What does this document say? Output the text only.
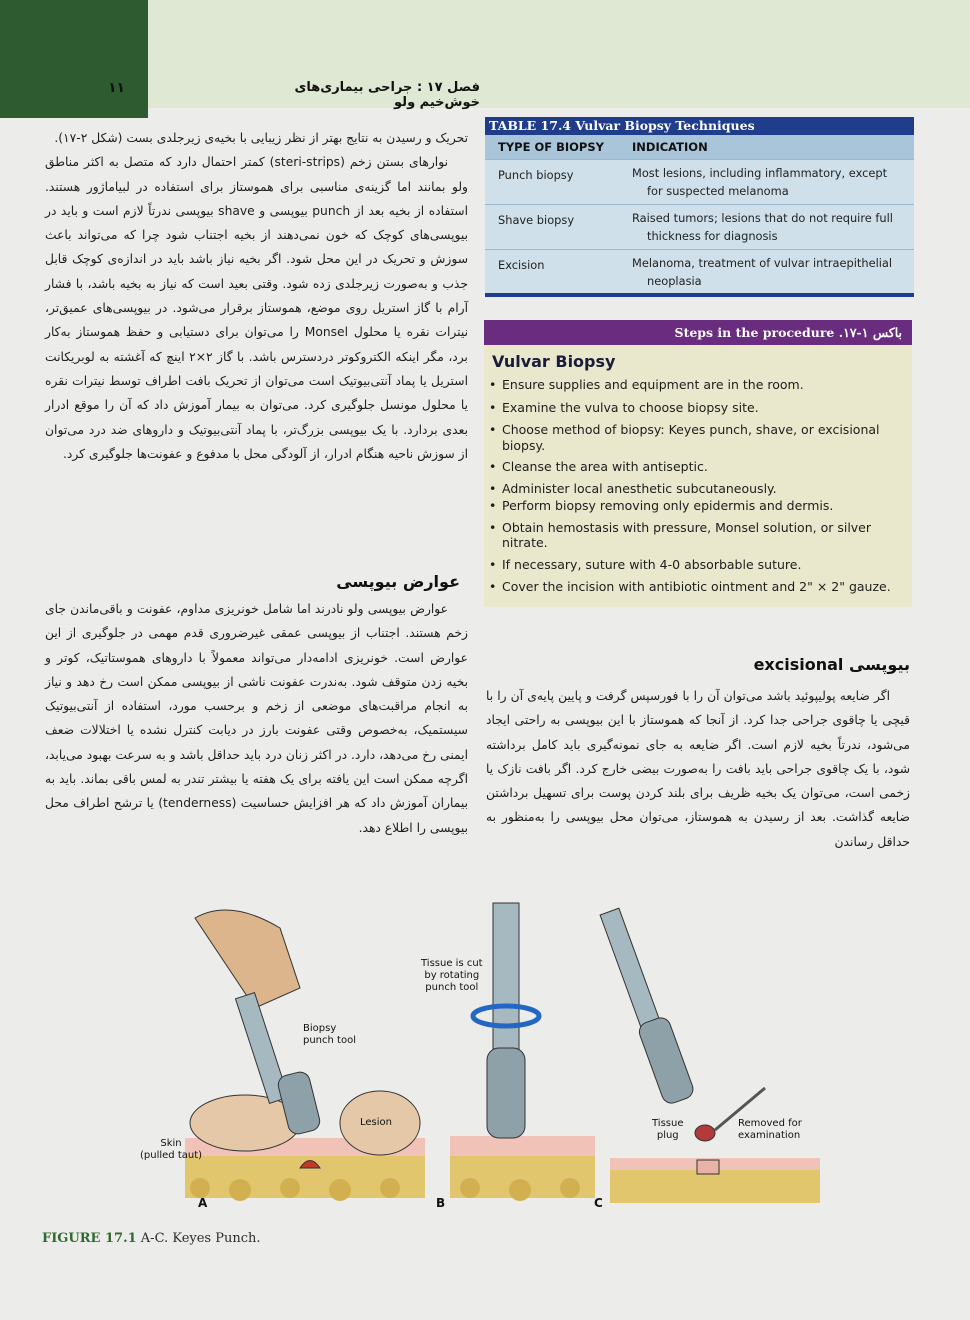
۱۱	فصل ۱۷ : جراحی بیماری‌های خوش‌خیم ولو

تحریک و رسیدن به نتایج بهتر از نظر زیبایی با بخیه‌ی زیرجلدی بست (شکل ۲-۱۷).

نوارهای بستن زخم (steri-strips) کمتر احتمال دارد که متصل به اکثر مناطق ولو بمانند اما گزینه‌ی مناسبی برای هموستاز برای استفاده در لبیاماژور هستند. استفاده از بخیه بعد از punch بیوپسی و shave بیوپسی ندرتاً لازم است و باید در بیوپسی‌های کوچک که خون نمی‌دهند از بخیه اجتناب شود چرا که می‌تواند باعث سوزش و تحریک در این محل شود. اگر بخیه نیاز باشد باید در اندازه‌ی کوچک قابل جذب و به‌صورت زیرجلدی زده شود. وقتی بعید است که نیاز به بخیه باشد، با فشار آرام با گاز استریل روی موضع، هموستاز برقرار می‌شود. در بیوپسی‌های عمیق‌تر، نیترات نقره یا محلول Monsel را می‌توان برای دستیابی و حفظ هموستاز به‌کار برد، مگر اینکه الکتروکوتر دردسترس باشد. با گاز ۲×۲ اینچ که آغشته به لوبریکانت استریل یا پماد آنتی‌بیوتیک است می‌توان از تحریک بافت اطراف توسط نیترات نقره یا محلول مونسل جلوگیری کرد. می‌توان به بیمار آموزش داد که آن را موقع ادرار بعدی بردارد. با یک بیوپسی بزرگ‌تر، با پماد آنتی‌بیوتیک و داروهای ضد درد می‌توان از سوزش ناحیه هنگام ادرار، از آلودگی محل با مدفوع و عفونت‌ها جلوگیری کرد.

عوارض بیوپسی

عوارض بیوپسی ولو نادرند اما شامل خونریزی مداوم، عفونت و باقی‌ماندن جای زخم هستند. اجتناب از بیوپسی عمقی غیرضروری قدم مهمی در جلوگیری از این عوارض است. خونریزی ادامه‌دار می‌تواند معمولاً با داروهای هموستاتیک، کوتر و بخیه زدن متوقف شود. به‌ندرت عفونت ناشی از بیوپسی ممکن است رخ دهد و نیاز به انجام مراقبت‌های موضعی از زخم و برحسب مورد، استفاده از آنتی‌بیوتیک سیستمیک، به‌خصوص وقتی عفونت بارز در دیابت کنترل نشده یا اختلالات ضعف ایمنی رخ می‌دهد، دارد. در اکثر زنان درد باید حداقل باشد و به سرعت بهبود می‌یابد، اگرچه ممکن است این یافته برای یک هفته یا بیشتر تندر به لمس باقی بماند. باید به بیماران آموزش داد که هر افزایش حساسیت (tenderness) یا ترشح اطراف محل بیوپسی را اطلاع دهد.

TABLE 17.4 Vulvar Biopsy Techniques
TYPE OF BIOPSY INDICATION
Punch biopsy	Most lesions, including inflammatory, except
for suspected melanoma
Shave biopsy	Raised tumors; lesions that do not require full
thickness for diagnosis
Excision	Melanoma, treatment of vulvar intraepithelial
neoplasia
باکس ۱-۱۷. Steps in the procedure
Vulvar Biopsy
• Ensure supplies and equipment are in the room.
• Examine the vulva to choose biopsy site.
• Choose method of biopsy: Keyes punch, shave, or excisional biopsy.
• Cleanse the area with antiseptic.
• Administer local anesthetic subcutaneously.
• Perform biopsy removing only epidermis and dermis.
• Obtain hemostasis with pressure, Monsel solution, or silver nitrate.
• If necessary, suture with 4-0 absorbable suture.
• Cover the incision with antibiotic ointment and 2" × 2" gauze.
بیوپسی excisional

اگر ضایعه پولیپوئید باشد می‌توان آن را با فورسپس گرفت و پایین پایه‌ی آن را با قیچی یا چاقوی جراحی جدا کرد. از آنجا که هموستاز با این بیوپسی به راحتی ایجاد می‌شود، ندرتاً بخیه لازم است. اگر ضایعه به جای نمونه‌گیری باید کامل برداشته شود، با یک چاقوی جراحی باید بافت را به‌صورت بیضی خارج کرد. اگر بافت نازک یا زخمی است، می‌توان یک بخیه ظریف برای بلند کردن پوست برای تسهیل برداشتن ضایعه گذاشت. بعد از رسیدن به هموستاز، می‌توان محل بیوپسی را به‌منظور به حداقل رساندن

Biopsy
punch tool
Lesion
Skin
(pulled taut)
Tissue is cut
by rotating
punch tool
Tissue
plug
Removed for
examination
A	B	C
FIGURE 17.1 A-C. Keyes Punch.
